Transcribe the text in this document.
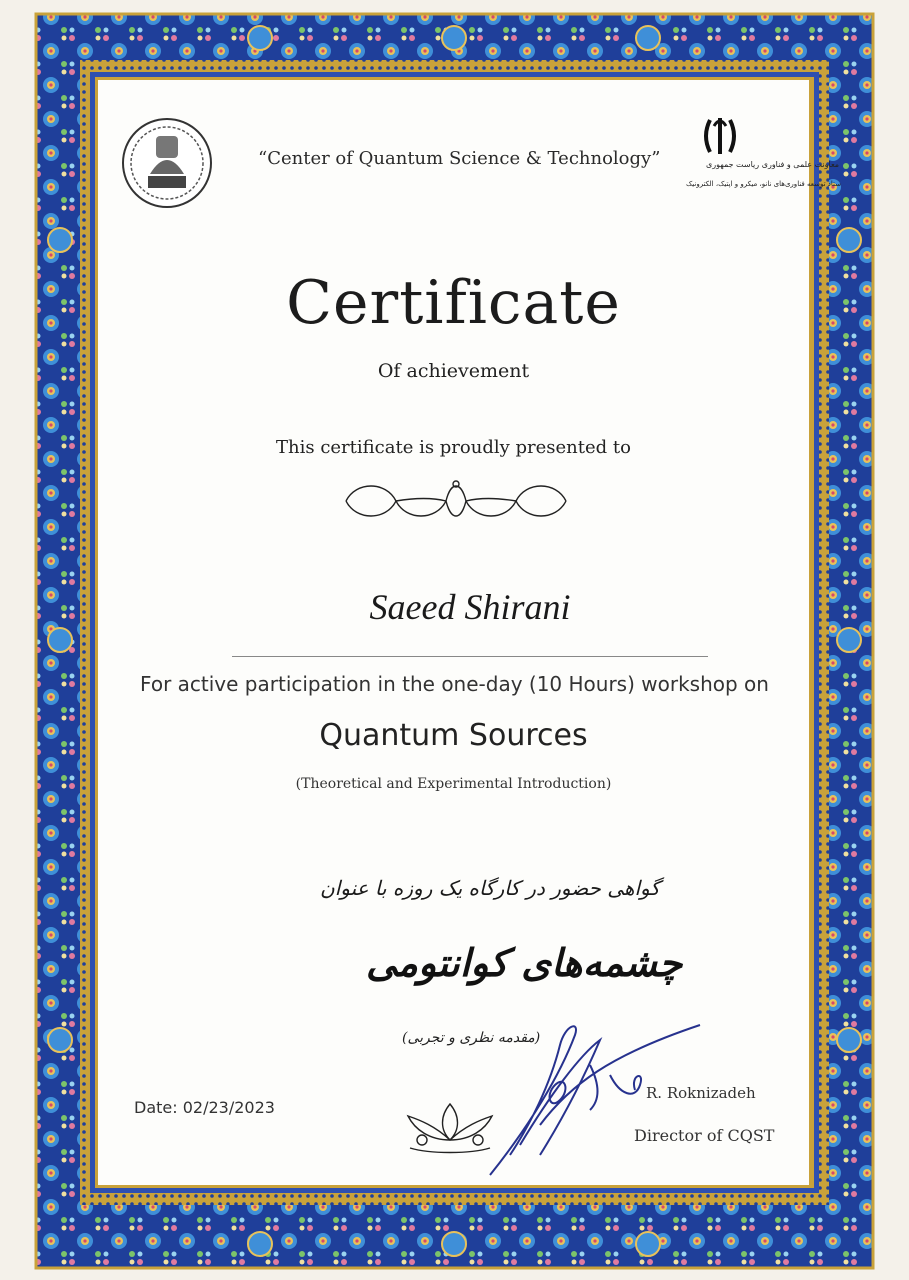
معاونت علمی و فناوری ریاست جمهوری
ستاد توسعه فناوری‌های نانو، میکرو و اپتیک، الکترونیک
“Center of Quantum Science & Technology”
Certificate
Of achievement
This certificate is proudly presented to
Saeed Shirani
For active participation in the one-day (10 Hours) workshop on
Quantum Sources
(Theoretical and Experimental Introduction)
گواهی حضور در کارگاه یک روزه با عنوان
چشمه‌های کوانتومی
(مقدمه نظری و تجربی)
Date: 02/23/2023
R. Roknizadeh
Director of CQST
